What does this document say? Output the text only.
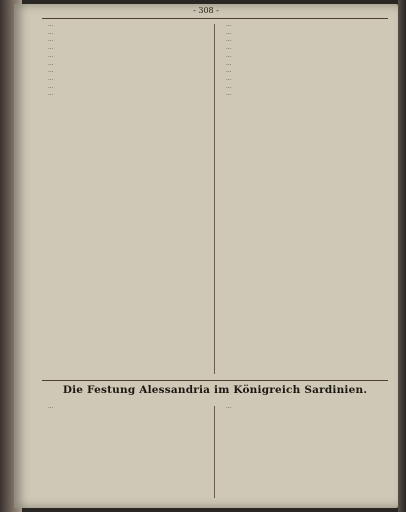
- 308 -

…

…

…

…

…

…

…

…

…

…

…

…

…

…

…

…

…

…

…

…

Die Festung Alessandria im Königreich Sardinien.

…	…
